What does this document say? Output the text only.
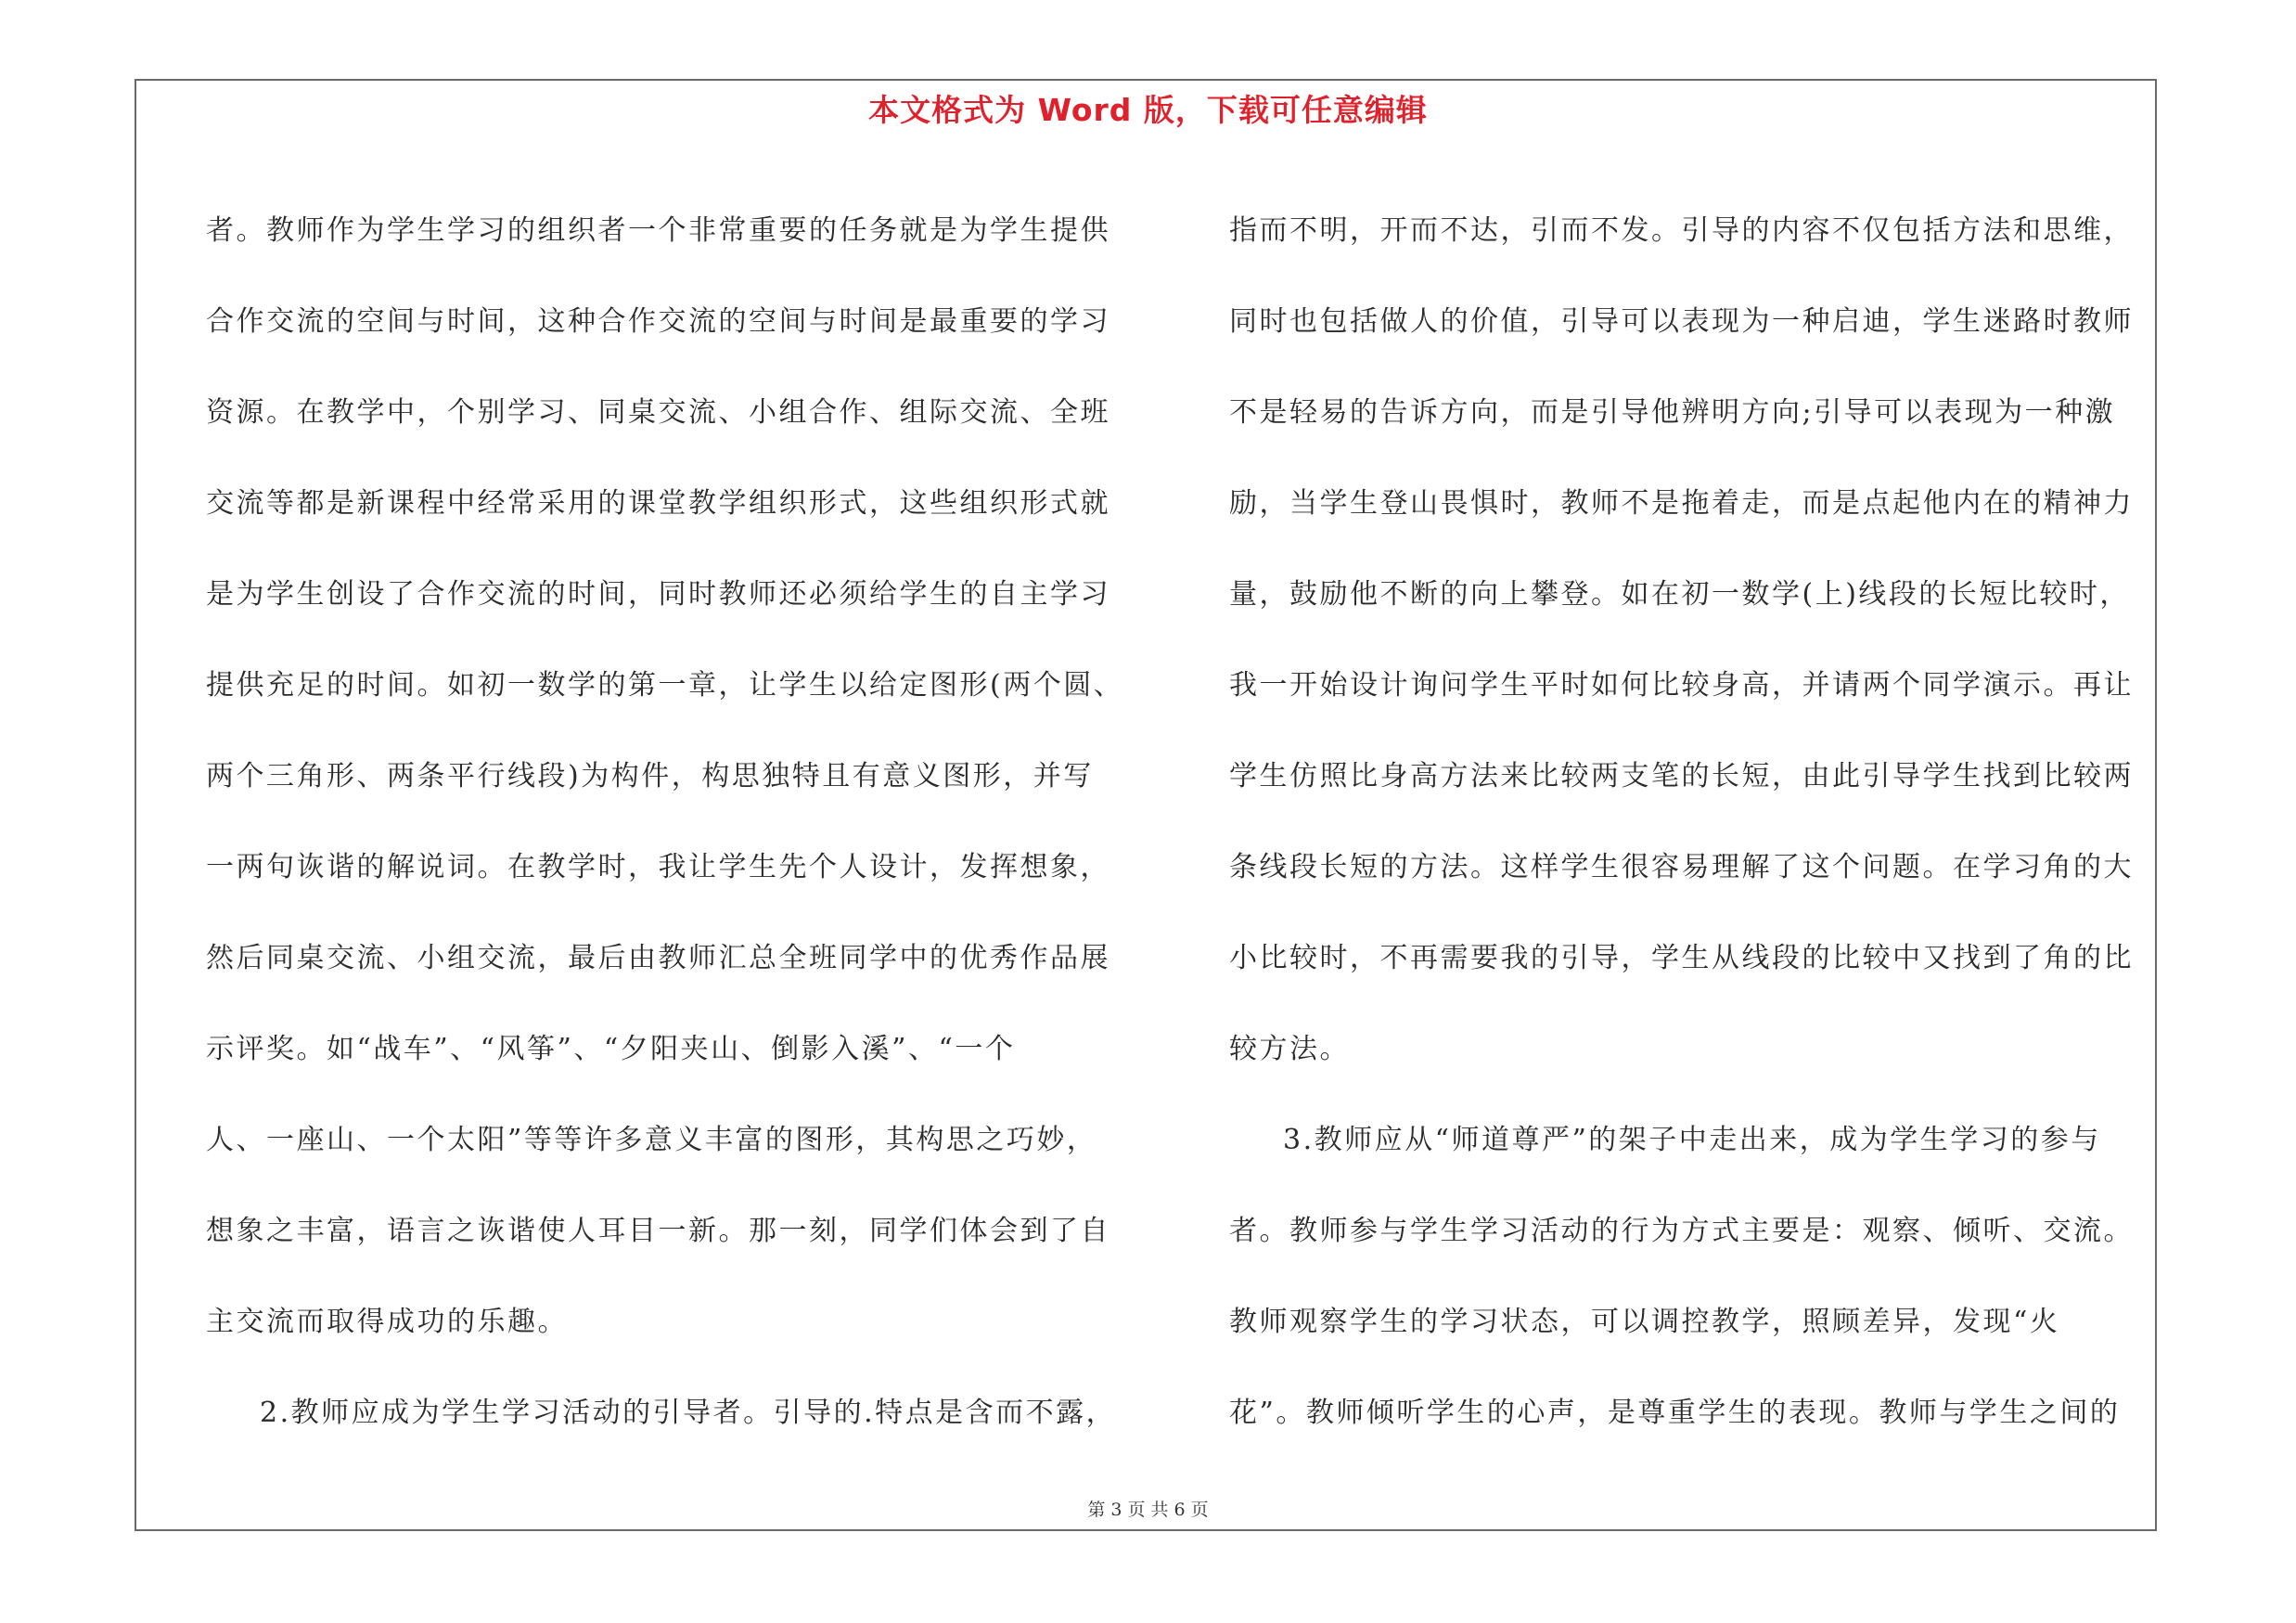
本文格式为 Word 版，下载可任意编辑
者。教师作为学生学习的组织者一个非常重要的任务就是为学生提供
合作交流的空间与时间，这种合作交流的空间与时间是最重要的学习
资源。在教学中，个别学习、同桌交流、小组合作、组际交流、全班
交流等都是新课程中经常采用的课堂教学组织形式，这些组织形式就
是为学生创设了合作交流的时间，同时教师还必须给学生的自主学习
提供充足的时间。如初一数学的第一章，让学生以给定图形(两个圆、
两个三角形、两条平行线段)为构件，构思独特且有意义图形，并写
一两句诙谐的解说词。在教学时，我让学生先个人设计，发挥想象，
然后同桌交流、小组交流，最后由教师汇总全班同学中的优秀作品展
示评奖。如“战车”、“风筝”、“夕阳夹山、倒影入溪”、“一个
人、一座山、一个太阳”等等许多意义丰富的图形，其构思之巧妙，
想象之丰富，语言之诙谐使人耳目一新。那一刻，同学们体会到了自
主交流而取得成功的乐趣。
2.教师应成为学生学习活动的引导者。引导的.特点是含而不露，
指而不明，开而不达，引而不发。引导的内容不仅包括方法和思维，
同时也包括做人的价值，引导可以表现为一种启迪，学生迷路时教师
不是轻易的告诉方向，而是引导他辨明方向;引导可以表现为一种激
励，当学生登山畏惧时，教师不是拖着走，而是点起他内在的精神力
量，鼓励他不断的向上攀登。如在初一数学(上)线段的长短比较时，
我一开始设计询问学生平时如何比较身高，并请两个同学演示。再让
学生仿照比身高方法来比较两支笔的长短，由此引导学生找到比较两
条线段长短的方法。这样学生很容易理解了这个问题。在学习角的大
小比较时，不再需要我的引导，学生从线段的比较中又找到了角的比
较方法。
3.教师应从“师道尊严”的架子中走出来，成为学生学习的参与
者。教师参与学生学习活动的行为方式主要是：观察、倾听、交流。
教师观察学生的学习状态，可以调控教学，照顾差异，发现“火
花”。教师倾听学生的心声，是尊重学生的表现。教师与学生之间的
第 3 页 共 6 页
